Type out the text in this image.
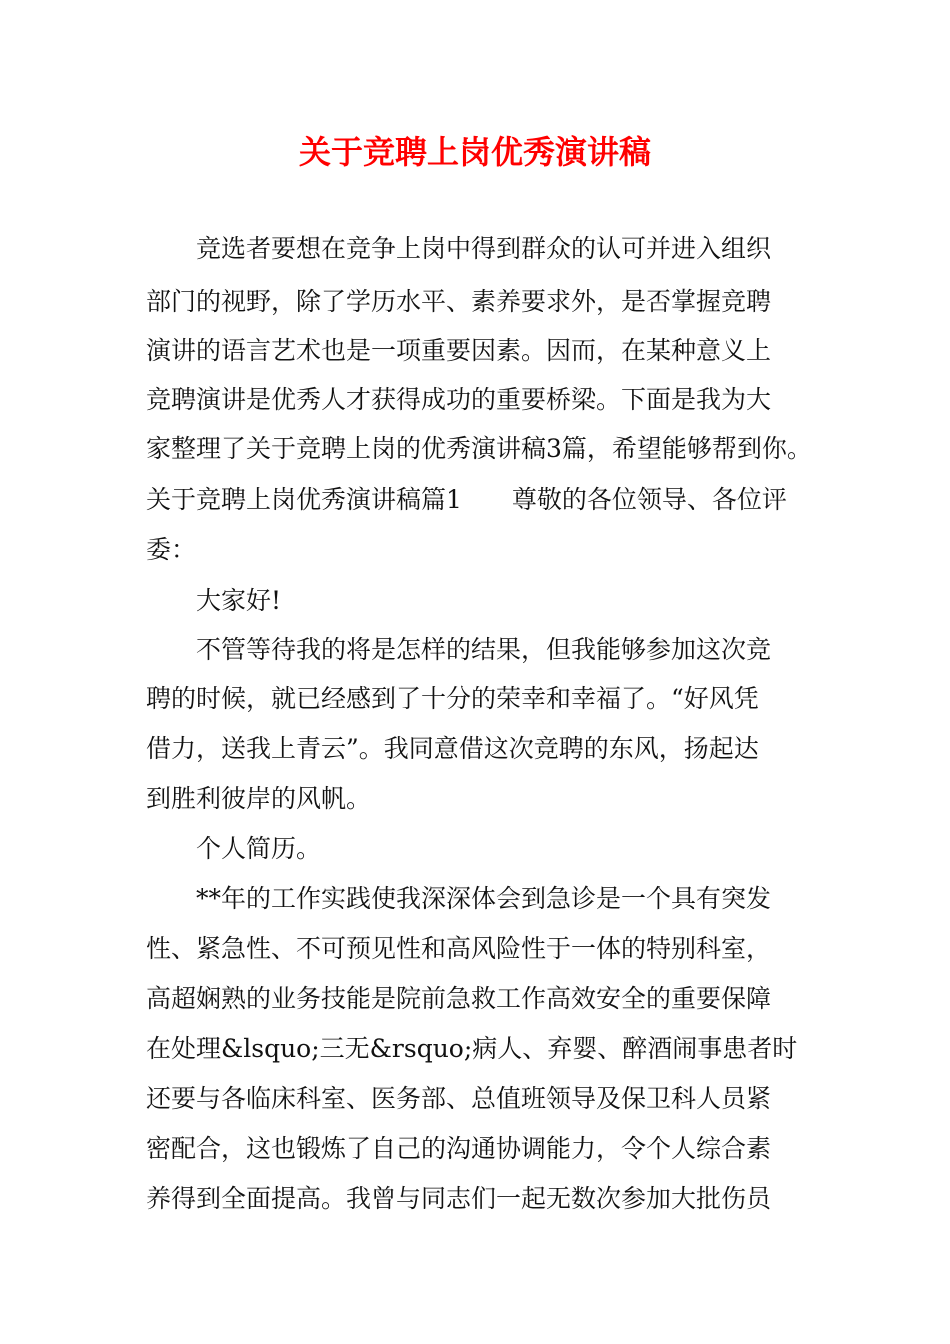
关于竞聘上岗优秀演讲稿

竞选者要想在竞争上岗中得到群众的认可并进入组织

部门的视野，除了学历水平、素养要求外，是否掌握竞聘

演讲的语言艺术也是一项重要因素。因而，在某种意义上

竞聘演讲是优秀人才获得成功的重要桥梁。下面是我为大

家整理了关于竞聘上岗的优秀演讲稿3篇，希望能够帮到你。

关于竞聘上岗优秀演讲稿篇1　　尊敬的各位领导、各位评

委：

大家好!

不管等待我的将是怎样的结果，但我能够参加这次竞

聘的时候，就已经感到了十分的荣幸和幸福了。“好风凭

借力，送我上青云”。我同意借这次竞聘的东风，扬起达

到胜利彼岸的风帆。

个人简历。

**年的工作实践使我深深体会到急诊是一个具有突发

性、紧急性、不可预见性和高风险性于一体的特别科室，

高超娴熟的业务技能是院前急救工作高效安全的重要保障

在处理&lsquo;三无&rsquo;病人、弃婴、醉酒闹事患者时

还要与各临床科室、医务部、总值班领导及保卫科人员紧

密配合，这也锻炼了自己的沟通协调能力，令个人综合素

养得到全面提高。我曾与同志们一起无数次参加大批伤员
